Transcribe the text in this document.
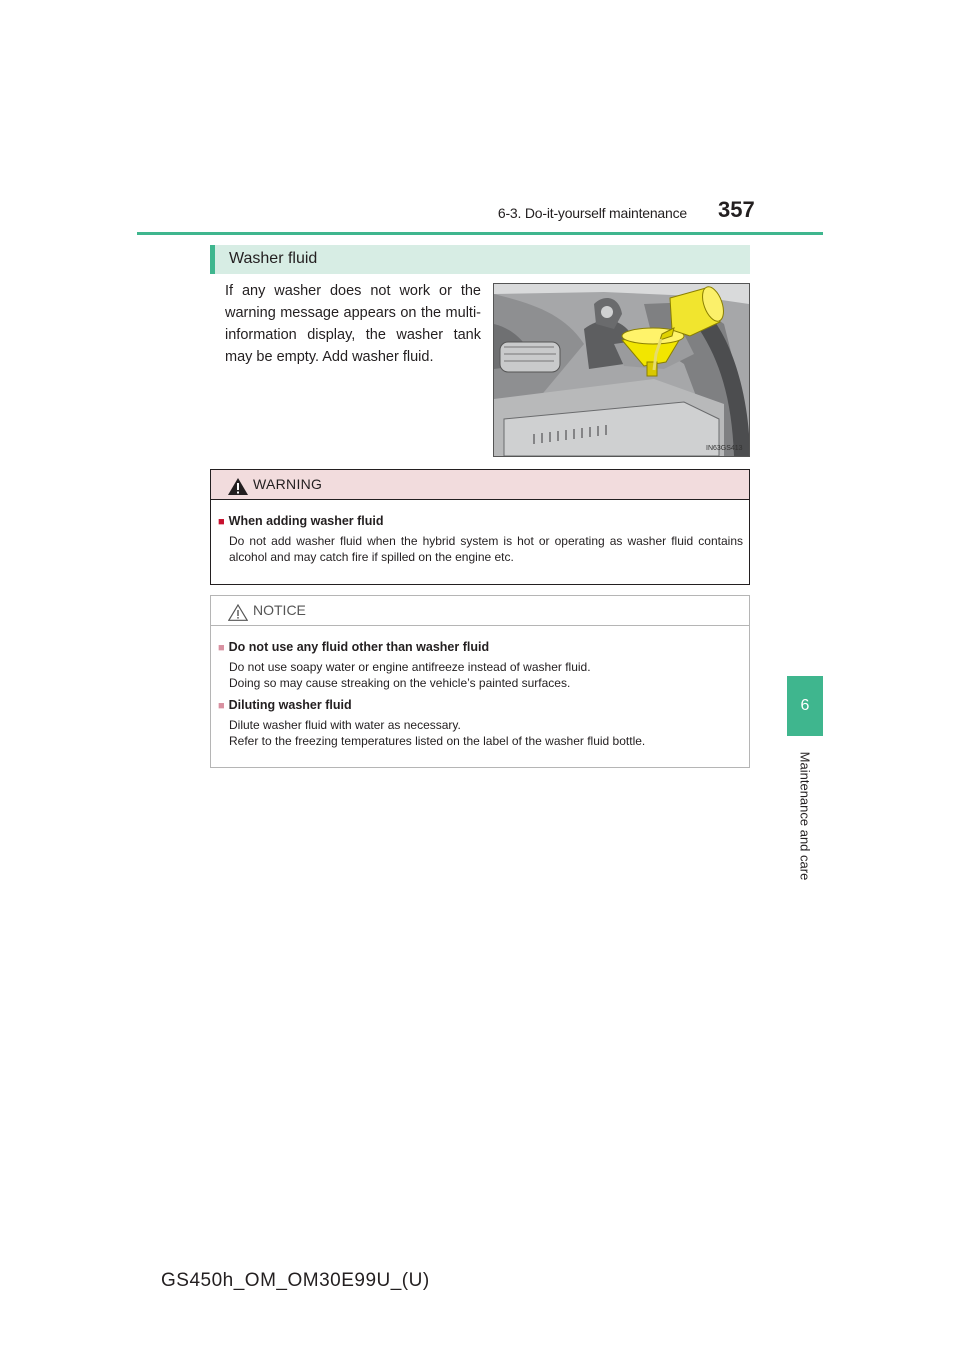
6-3. Do-it-yourself maintenance 357
6
Maintenance and care
Washer fluid
If any washer does not work or the warning message appears on the multi-information display, the washer tank may be empty. Add washer fluid.
IN63GS413
WARNING
■ When adding washer fluid
Do not add washer fluid when the hybrid system is hot or operating as washer fluid contains alcohol and may catch fire if spilled on the engine etc.
NOTICE
■ Do not use any fluid other than washer fluid
Do not use soapy water or engine antifreeze instead of washer fluid.
Doing so may cause streaking on the vehicle’s painted surfaces.
■ Diluting washer fluid
Dilute washer fluid with water as necessary.
Refer to the freezing temperatures listed on the label of the washer fluid bottle.
GS450h_OM_OM30E99U_(U)
